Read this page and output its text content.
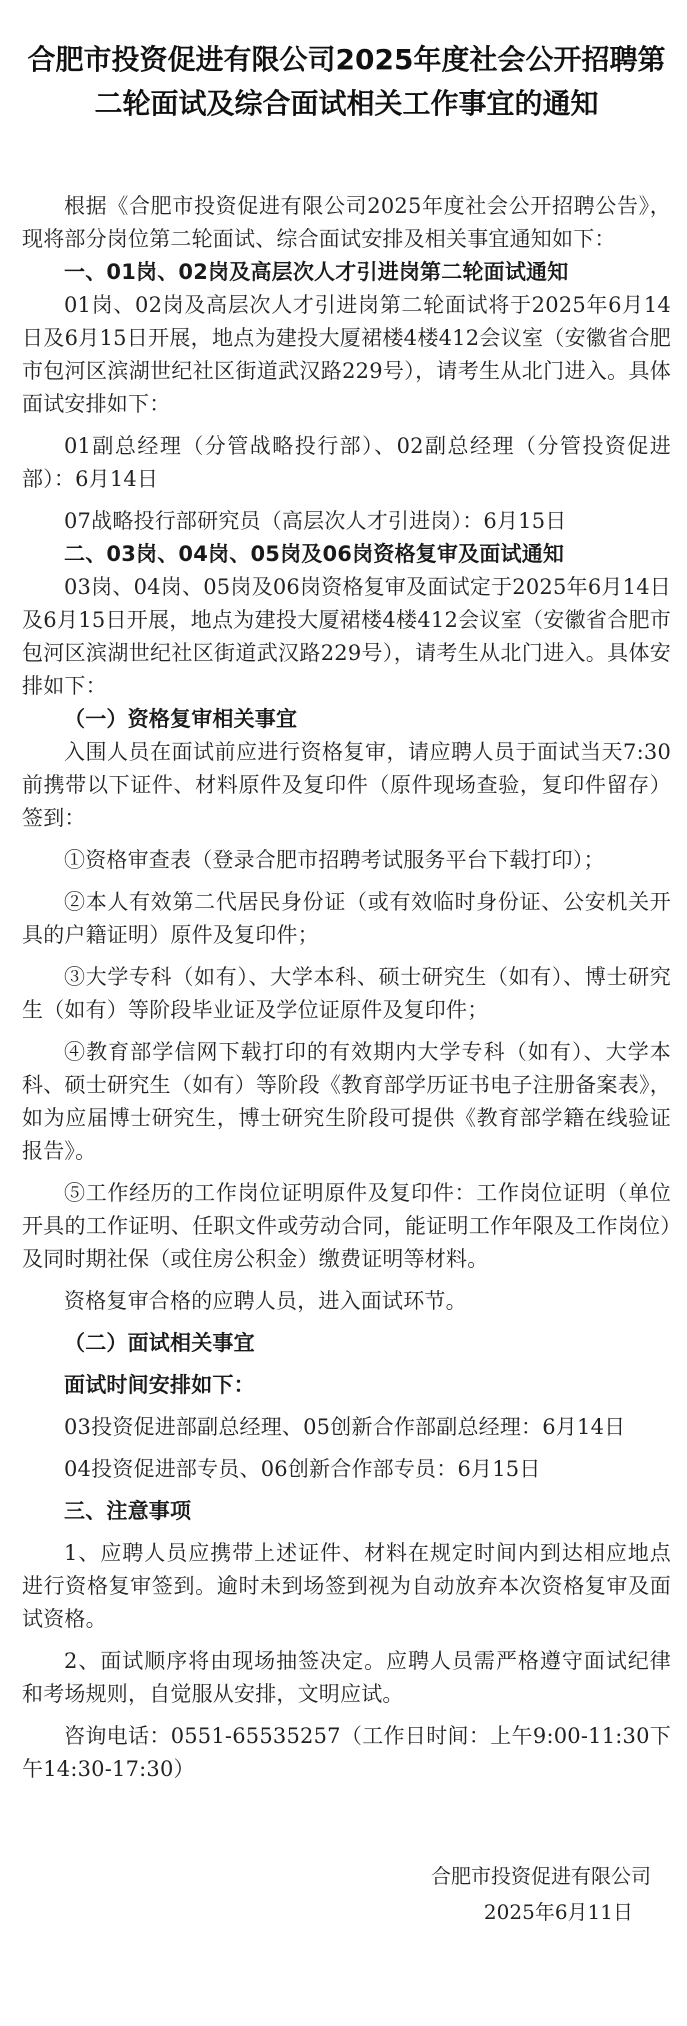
合肥市投资促进有限公司2025年度社会公开招聘第二轮面试及综合面试相关工作事宜的通知

根据《合肥市投资促进有限公司2025年度社会公开招聘公告》，现将部分岗位第二轮面试、综合面试安排及相关事宜通知如下：

一、01岗、02岗及高层次人才引进岗第二轮面试通知

01岗、02岗及高层次人才引进岗第二轮面试将于2025年6月14日及6月15日开展，地点为建投大厦裙楼4楼412会议室（安徽省合肥市包河区滨湖世纪社区街道武汉路229号），请考生从北门进入。具体面试安排如下：

01副总经理（分管战略投行部）、02副总经理（分管投资促进部）：6月14日

07战略投行部研究员（高层次人才引进岗）：6月15日

二、03岗、04岗、05岗及06岗资格复审及面试通知

03岗、04岗、05岗及06岗资格复审及面试定于2025年6月14日及6月15日开展，地点为建投大厦裙楼4楼412会议室（安徽省合肥市包河区滨湖世纪社区街道武汉路229号），请考生从北门进入。具体安排如下：

（一）资格复审相关事宜

入围人员在面试前应进行资格复审，请应聘人员于面试当天7:30前携带以下证件、材料原件及复印件（原件现场查验，复印件留存）签到：

①资格审查表（登录合肥市招聘考试服务平台下载打印）；

②本人有效第二代居民身份证（或有效临时身份证、公安机关开具的户籍证明）原件及复印件；

③大学专科（如有）、大学本科、硕士研究生（如有）、博士研究生（如有）等阶段毕业证及学位证原件及复印件；

④教育部学信网下载打印的有效期内大学专科（如有）、大学本科、硕士研究生（如有）等阶段《教育部学历证书电子注册备案表》，如为应届博士研究生，博士研究生阶段可提供《教育部学籍在线验证报告》。

⑤工作经历的工作岗位证明原件及复印件：工作岗位证明（单位开具的工作证明、任职文件或劳动合同，能证明工作年限及工作岗位）及同时期社保（或住房公积金）缴费证明等材料。

资格复审合格的应聘人员，进入面试环节。

（二）面试相关事宜

面试时间安排如下：

03投资促进部副总经理、05创新合作部副总经理：6月14日

04投资促进部专员、06创新合作部专员：6月15日

三、注意事项

1、应聘人员应携带上述证件、材料在规定时间内到达相应地点进行资格复审签到。逾时未到场签到视为自动放弃本次资格复审及面试资格。

2、面试顺序将由现场抽签决定。应聘人员需严格遵守面试纪律和考场规则，自觉服从安排，文明应试。

咨询电话：0551-65535257（工作日时间：上午9:00-11:30下午14:30-17:30）

合肥市投资促进有限公司
2025年6月11日
